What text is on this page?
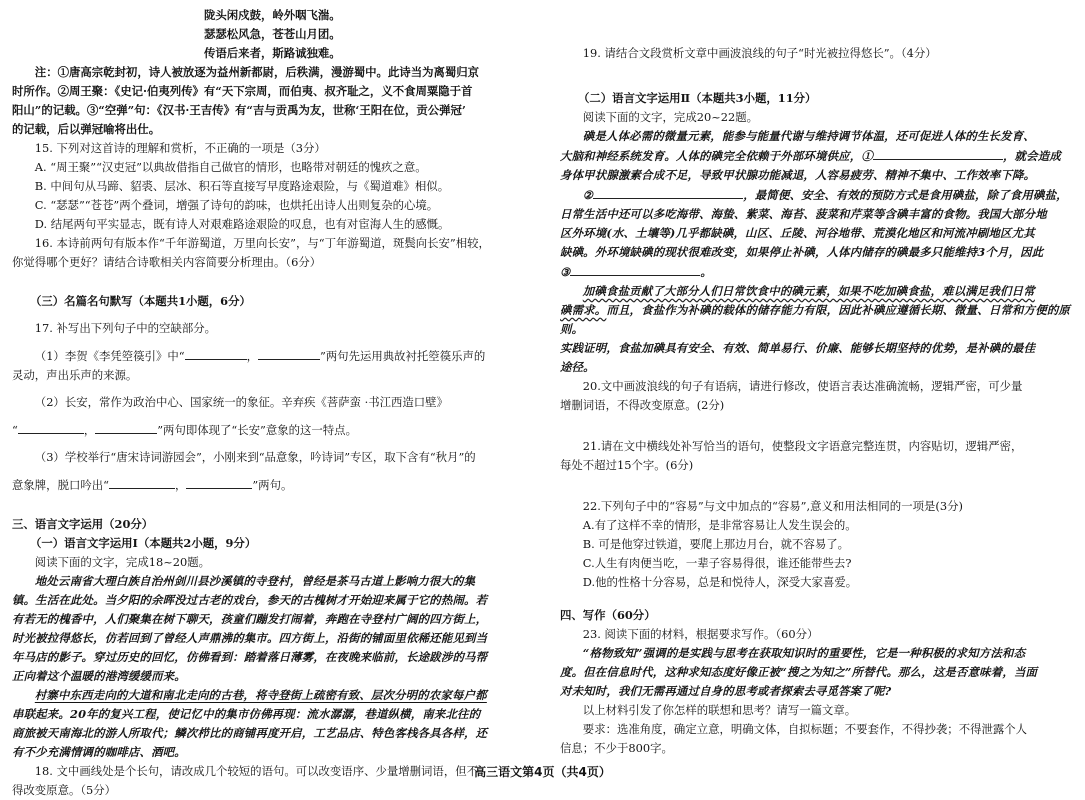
陇头闲戍鼓，岭外咽飞湍。

瑟瑟松风急，苍苍山月团。

传语后来者，斯路诚独难。

注：①唐高宗乾封初，诗人被放逐为益州新都尉，后秩满，漫游蜀中。此诗当为离蜀归京

时所作。②周王聚：《史记·伯夷列传》有“天下宗周，而伯夷、叔齐耻之，义不食周粟隐于首

阳山”的记载。③“空弹”句：《汉书·王吉传》有“吉与贡禹为友，世称‘王阳在位，贡公弹冠’

的记载，后以弹冠喻将出仕。

15. 下列对这首诗的理解和赏析，不正确的一项是（3分）

A. “周王聚”“汉吏冠”以典故借指自己做官的情形，也略带对朝廷的愧疚之意。

B. 中间句从马蹄、貂裘、层冰、积石等直接写早度路途艰险，与《蜀道难》相似。

C. “瑟瑟”“苍苍”两个叠词，增强了诗句的韵味，也烘托出诗人出则复杂的心境。

D. 结尾两句平实显志，既有诗人对艰难路途艰险的叹息，也有对宦海人生的感慨。

16. 本诗前两句有版本作“千年游蜀道，万里向长安”，与“丁年游蜀道，斑鬓向长安”相较，

你觉得哪个更好？请结合诗歌相关内容简要分析理由。（6分）

（三）名篇名句默写（本题共1小题，6分）

17. 补写出下列句子中的空缺部分。

（1）李贺《李凭箜篌引》中“	，	”两句先运用典故衬托箜篌乐声的

灵动，声出乐声的来源。

（2）长安，常作为政治中心、国家统一的象征。辛弃疾《菩萨蛮 ·书江西造口壁》

“	，	”两句即体现了“长安”意象的这一特点。

（3）学校举行“唐宋诗词游园会”，小刚来到“品意象，吟诗词”专区，取下含有“秋月”的

意象牌，脱口吟出“	，	”两句。

三、语言文字运用（20分）

（一）语言文字运用Ⅰ（本题共2小题，9分）

阅读下面的文字，完成18~20题。

地处云南省大理白族自治州剑川县沙溪镇的寺登村，曾经是茶马古道上影响力很大的集

镇。生活在此处。当夕阳的余晖没过古老的戏台，参天的古槐树才开始迎来属于它的热闹。若

有若无的槐香中，人们聚集在树下聊天，孩童们蹦发打闹着，奔跑在寺登村广阔的四方街上，

时光被拉得悠长，仿若回到了曾经人声鼎沸的集市。四方街上，沿街的铺面里依稀还能见到当

年马店的影子。穿过历史的回忆，仿佛看到：踏着落日薄雾，在夜晚来临前，长途跋涉的马帮

正向着这个温暖的港湾缓缓而来。

村寨中东西走向的大道和南北走向的古巷，将寺登街上疏密有致、层次分明的农家每户都

串联起来。20年的复兴工程，使记忆中的集市仿佛再现：流水潺潺，巷道纵横，南来北往的

商旅被天南海北的游人所取代；鳞次栉比的商铺再度开启，工艺品店、特色客栈各具各样，还

有不少充满情调的咖啡店、酒吧。

18. 文中画线处是个长句，请改成几个较短的语句。可以改变语序、少量增删词语，但不

得改变原意。（5分）

19. 请结合文段赏析文章中画波浪线的句子“时光被拉得悠长”。（4分）

（二）语言文字运用Ⅱ（本题共3小题，11分）

阅读下面的文字，完成20~22题。

碘是人体必需的微量元素，能参与能量代谢与维持调节体温，还可促进人体的生长发育、

大脑和神经系统发育。人体的碘完全依赖于外部环境供应，①	，就会造成

身体甲状腺激素合成不足，导致甲状腺功能减退，人容易疲劳、精神不集中、工作效率下降。

②	，最简便、安全、有效的预防方式是食用碘盐，除了食用碘盐，

日常生活中还可以多吃海带、海蛰、紫菜、海苔、菠菜和芹菜等含碘丰富的食物。我国大部分地

区外环境(水、土壤等)几乎都缺碘，山区、丘陵、河谷地带、荒漠化地区和河流冲刷地区尤其

缺碘。外环境缺碘的现状很难改变，如果停止补碘，人体内储存的碘最多只能维持3个月，因此

③	。

加碘食盐贡献了大部分人们日常饮食中的碘元素，如果不吃加碘食盐，难以满足我们日常

碘需求。而且，食盐作为补碘的载体的储存能力有限，因此补碘应遵循长期、微量、日常和方便的原则。

实践证明，食盐加碘具有安全、有效、简单易行、价廉、能够长期坚持的优势，是补碘的最佳

途径。

20.文中画波浪线的句子有语病，请进行修改，使语言表达准确流畅，逻辑严密，可少量

增删词语，不得改变原意。(2分)

21.请在文中横线处补写恰当的语句，使整段文字语意完整连贯，内容贴切，逻辑严密，

每处不超过15个字。(6分)

22.下列句子中的“容易”与文中加点的“容易”,意义和用法相同的一项是(3分)

A.有了这样不幸的情形，是非常容易让人发生误会的。

B. 可是他穿过铁道，要爬上那边月台，就不容易了。

C.人生有肉便当吃，一辈子容易得很，谁还能带些去?

D.他的性格十分容易，总是和悦待人，深受大家喜爱。

四、写作（60分）

23. 阅读下面的材料，根据要求写作。（60分）

“格物致知”强调的是实践与思考在获取知识时的重要性，它是一种积极的求知方法和态

度。但在信息时代，这种求知态度好像正被“搜之为知之”所替代。那么，这是否意味着，当面

对未知时，我们无需再通过自身的思考或者探索去寻觅答案了呢?

以上材料引发了你怎样的联想和思考？请写一篇文章。

要求：选准角度，确定立意，明确文体，自拟标题；不要套作，不得抄袭；不得泄露个人

信息；不少于800字。

高三语文第4页（共4页）
